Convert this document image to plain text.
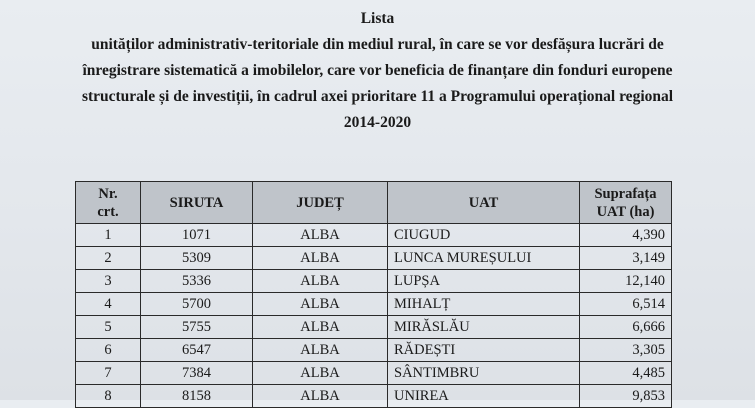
Lista
unităților administrativ-teritoriale din mediul rural, în care se vor desfășura lucrări de
înregistrare sistematică a imobilelor, care vor beneficia de finanțare din fonduri europene
structurale și de investiții, în cadrul axei prioritare 11 a Programului operațional regional
2014-2020
Nr.
crt.	SIRUTA	JUDEȚ	UAT	Suprafața
UAT (ha)
1	1071	ALBA	CIUGUD	4,390
2	5309	ALBA	LUNCA MUREȘULUI	3,149
3	5336	ALBA	LUPȘA	12,140
4	5700	ALBA	MIHALȚ	6,514
5	5755	ALBA	MIRĂSLĂU	6,666
6	6547	ALBA	RĂDEȘTI	3,305
7	7384	ALBA	SÂNTIMBRU	4,485
8	8158	ALBA	UNIREA	9,853
